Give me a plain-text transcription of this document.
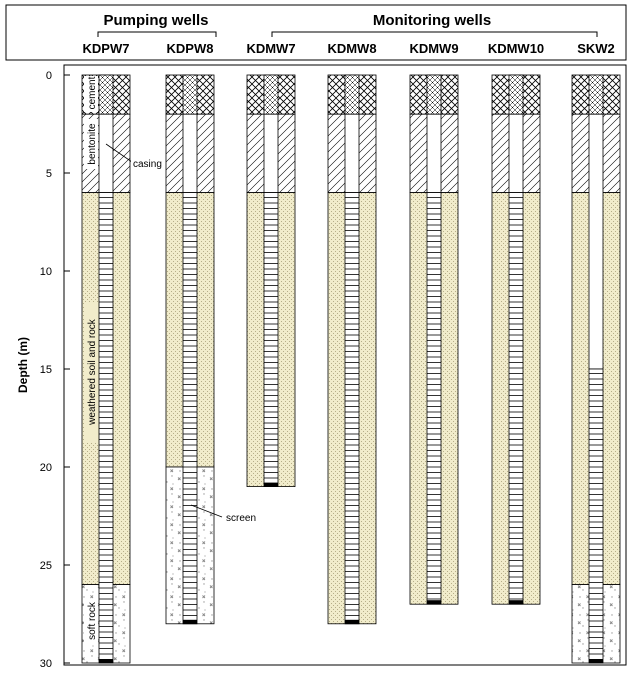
Pumping wells	Monitoring wells
KDPW7	KDPW8	KDMW7 KDMW8	KDMW9 KDMW10	SKW2
0
5
10
15
20
25
30
Depth (m)
cement
bentonite
weathered soil and rock
soft rock
casing
screen
